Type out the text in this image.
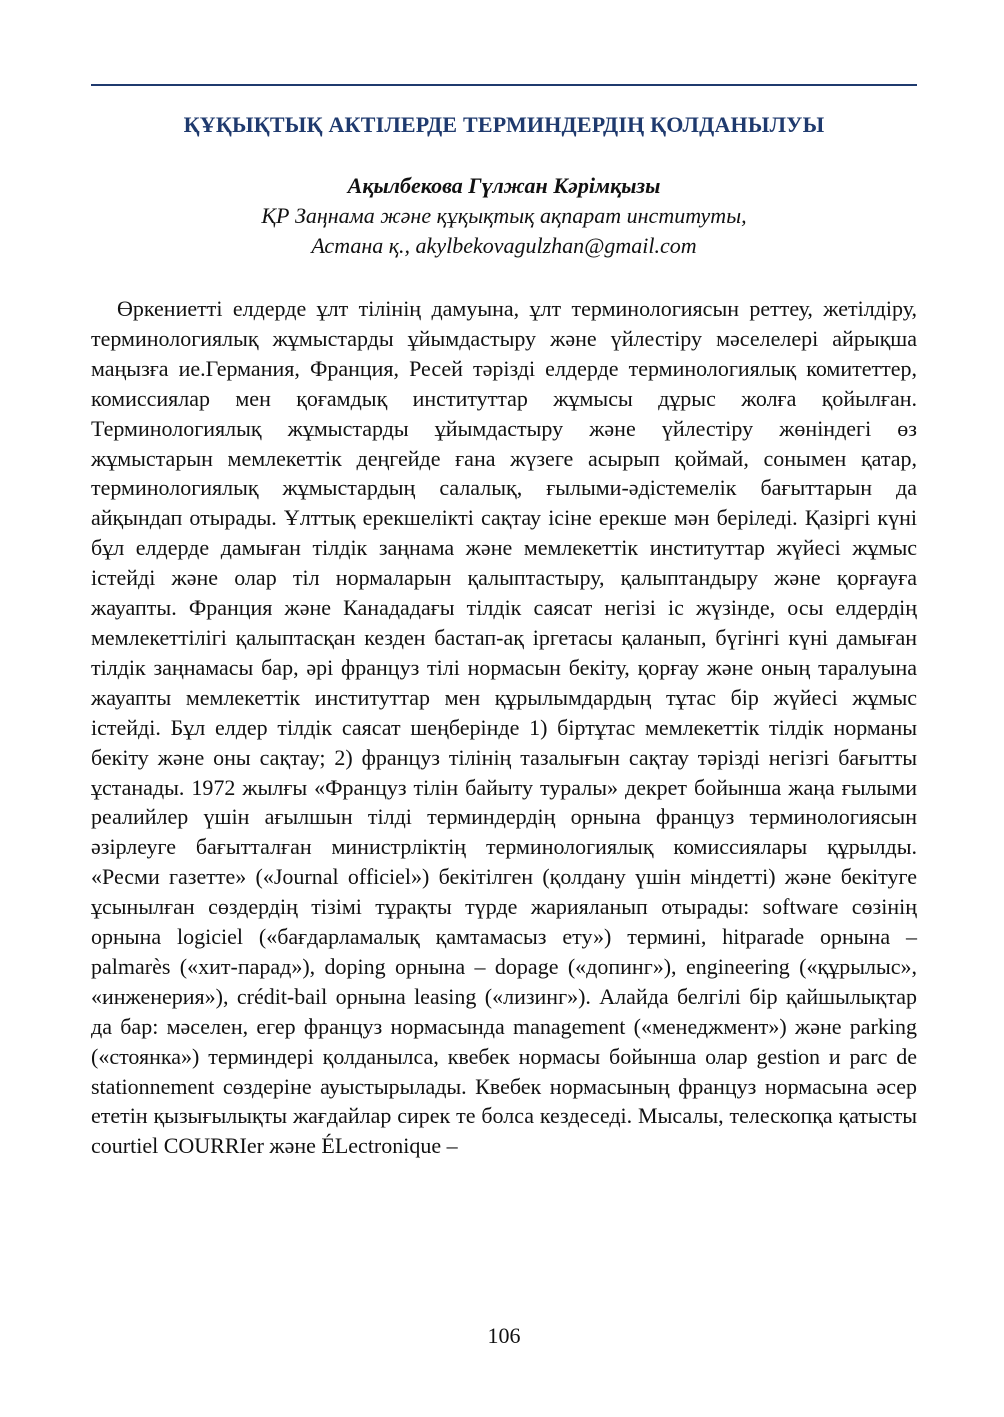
ҚҰҚЫҚТЫҚ АКТІЛЕРДЕ ТЕРМИНДЕРДІҢ ҚОЛДАНЫЛУЫ
Ақылбекова Гүлжан Кәрімқызы
ҚР Заңнама және құқықтық ақпарат институты,
Астана қ., akylbekovagulzhan@gmail.com

Өркениетті елдерде ұлт тілінің дамуына, ұлт терминологиясын реттеу, жетілдіру, терминологиялық жұмыстарды ұйымдастыру және үйлестіру мәселелері айрықша маңызға ие.Германия, Франция, Ресей тәрізді елдерде терминологиялық комитеттер, комиссиялар мен қоғамдық институттар жұмысы дұрыс жолға қойылған. Терминологиялық жұмыстарды ұйымдастыру және үйлестіру жөніндегі өз жұмыстарын мемлекеттік деңгейде ғана жүзеге асырып қоймай, сонымен қатар, терминологиялық жұмыстардың салалық, ғылыми-әдістемелік бағыттарын да айқындап отырады. Ұлттық ерекшелікті сақтау ісіне ерекше мән беріледі. Қазіргі күні бұл елдерде дамыған тілдік заңнама және мемлекеттік институттар жүйесі жұмыс істейді және олар тіл нормаларын қалыптастыру, қалыптандыру және қорғауға жауапты. Франция және Канададағы тілдік саясат негізі іс жүзінде, осы елдердің мемлекеттілігі қалыптасқан кезден бастап-ақ іргетасы қаланып, бүгінгі күні дамыған тілдік заңнамасы бар, әрі француз тілі нормасын бекіту, қорғау және оның таралуына жауапты мемлекеттік институттар мен құрылымдардың тұтас бір жүйесі жұмыс істейді. Бұл елдер тілдік саясат шеңберінде 1) біртұтас мемлекеттік тілдік норманы бекіту және оны сақтау; 2) француз тілінің тазалығын сақтау тәрізді негізгі бағытты ұстанады. 1972 жылғы «Француз тілін байыту туралы» декрет бойынша жаңа ғылыми реалийлер үшін ағылшын тілді терминдердің орнына француз терминологиясын әзірлеуге бағытталған министрліктің терминологиялық комиссиялары құрылды. «Ресми газетте» («Journal officiel») бекітілген (қолдану үшін міндетті) және бекітуге ұсынылған сөздердің тізімі тұрақты түрде жарияланып отырады: software сөзінің орнына logiciel («бағдарламалық қамтамасыз ету») термині, hitparade орнына – palmarès («хит-парад»), doping орнына – dopage («допинг»), engineering («құрылыс», «инженерия»), crédit-bail орнына leasing («лизинг»). Алайда белгілі бір қайшылықтар да бар: мәселен, егер француз нормасында management («менеджмент») және parking («стоянка») терминдері қолданылса, квебек нормасы бойынша олар gestion и parc de stationnement сөздеріне ауыстырылады. Квебек нормасының француз нормасына әсер ететін қызығылықты жағдайлар сирек те болса кездеседі. Мысалы, телескопқа қатысты courtiel COURRIer және ÉLectronique –

106
